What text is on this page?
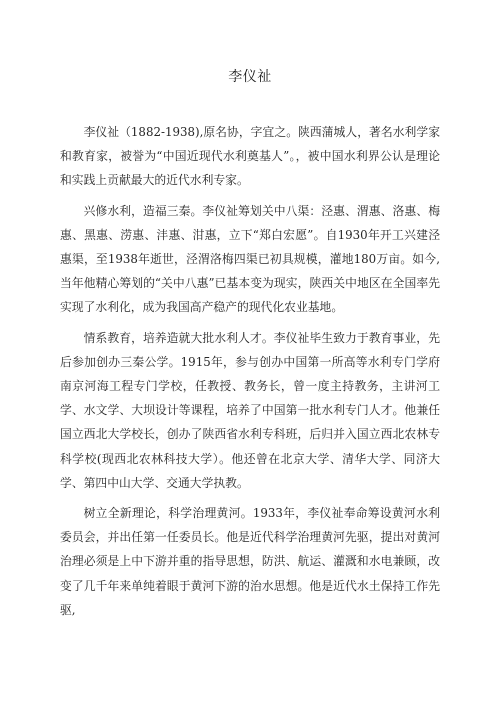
李仪祉

李仪祉（1882-1938),原名协，字宜之。陕西蒲城人，著名水利学家和教育家，被誉为“中国近现代水利奠基人”。，被中国水利界公认是理论和实践上贡献最大的近代水利专家。

兴修水利，造福三秦。李仪祉筹划关中八渠：泾惠、渭惠、洛惠、梅惠、黑惠、涝惠、沣惠、泔惠，立下“郑白宏愿”。自1930年开工兴建泾惠渠，至1938年逝世，泾渭洛梅四渠已初具规模，灌地180万亩。如今,当年他精心筹划的“关中八惠”已基本变为现实，陕西关中地区在全国率先实现了水利化，成为我国高产稳产的现代化农业基地。

情系教育，培养造就大批水利人才。李仪祉毕生致力于教育事业，先后参加创办三秦公学。1915年，参与创办中国第一所高等水利专门学府南京河海工程专门学校，任教授、教务长，曾一度主持教务，主讲河工学、水文学、大坝设计等课程，培养了中国第一批水利专门人才。他兼任国立西北大学校长，创办了陕西省水利专科班，后归并入国立西北农林专科学校(现西北农林科技大学）。他还曾在北京大学、清华大学、同济大学、第四中山大学、交通大学执教。

树立全新理论，科学治理黄河。1933年，李仪祉奉命筹设黄河水利委员会，并出任第一任委员长。他是近代科学治理黄河先驱，提出对黄河治理必须是上中下游并重的指导思想，防洪、航运、灌溉和水电兼顾，改变了几千年来单纯着眼于黄河下游的治水思想。他是近代水土保持工作先驱,
